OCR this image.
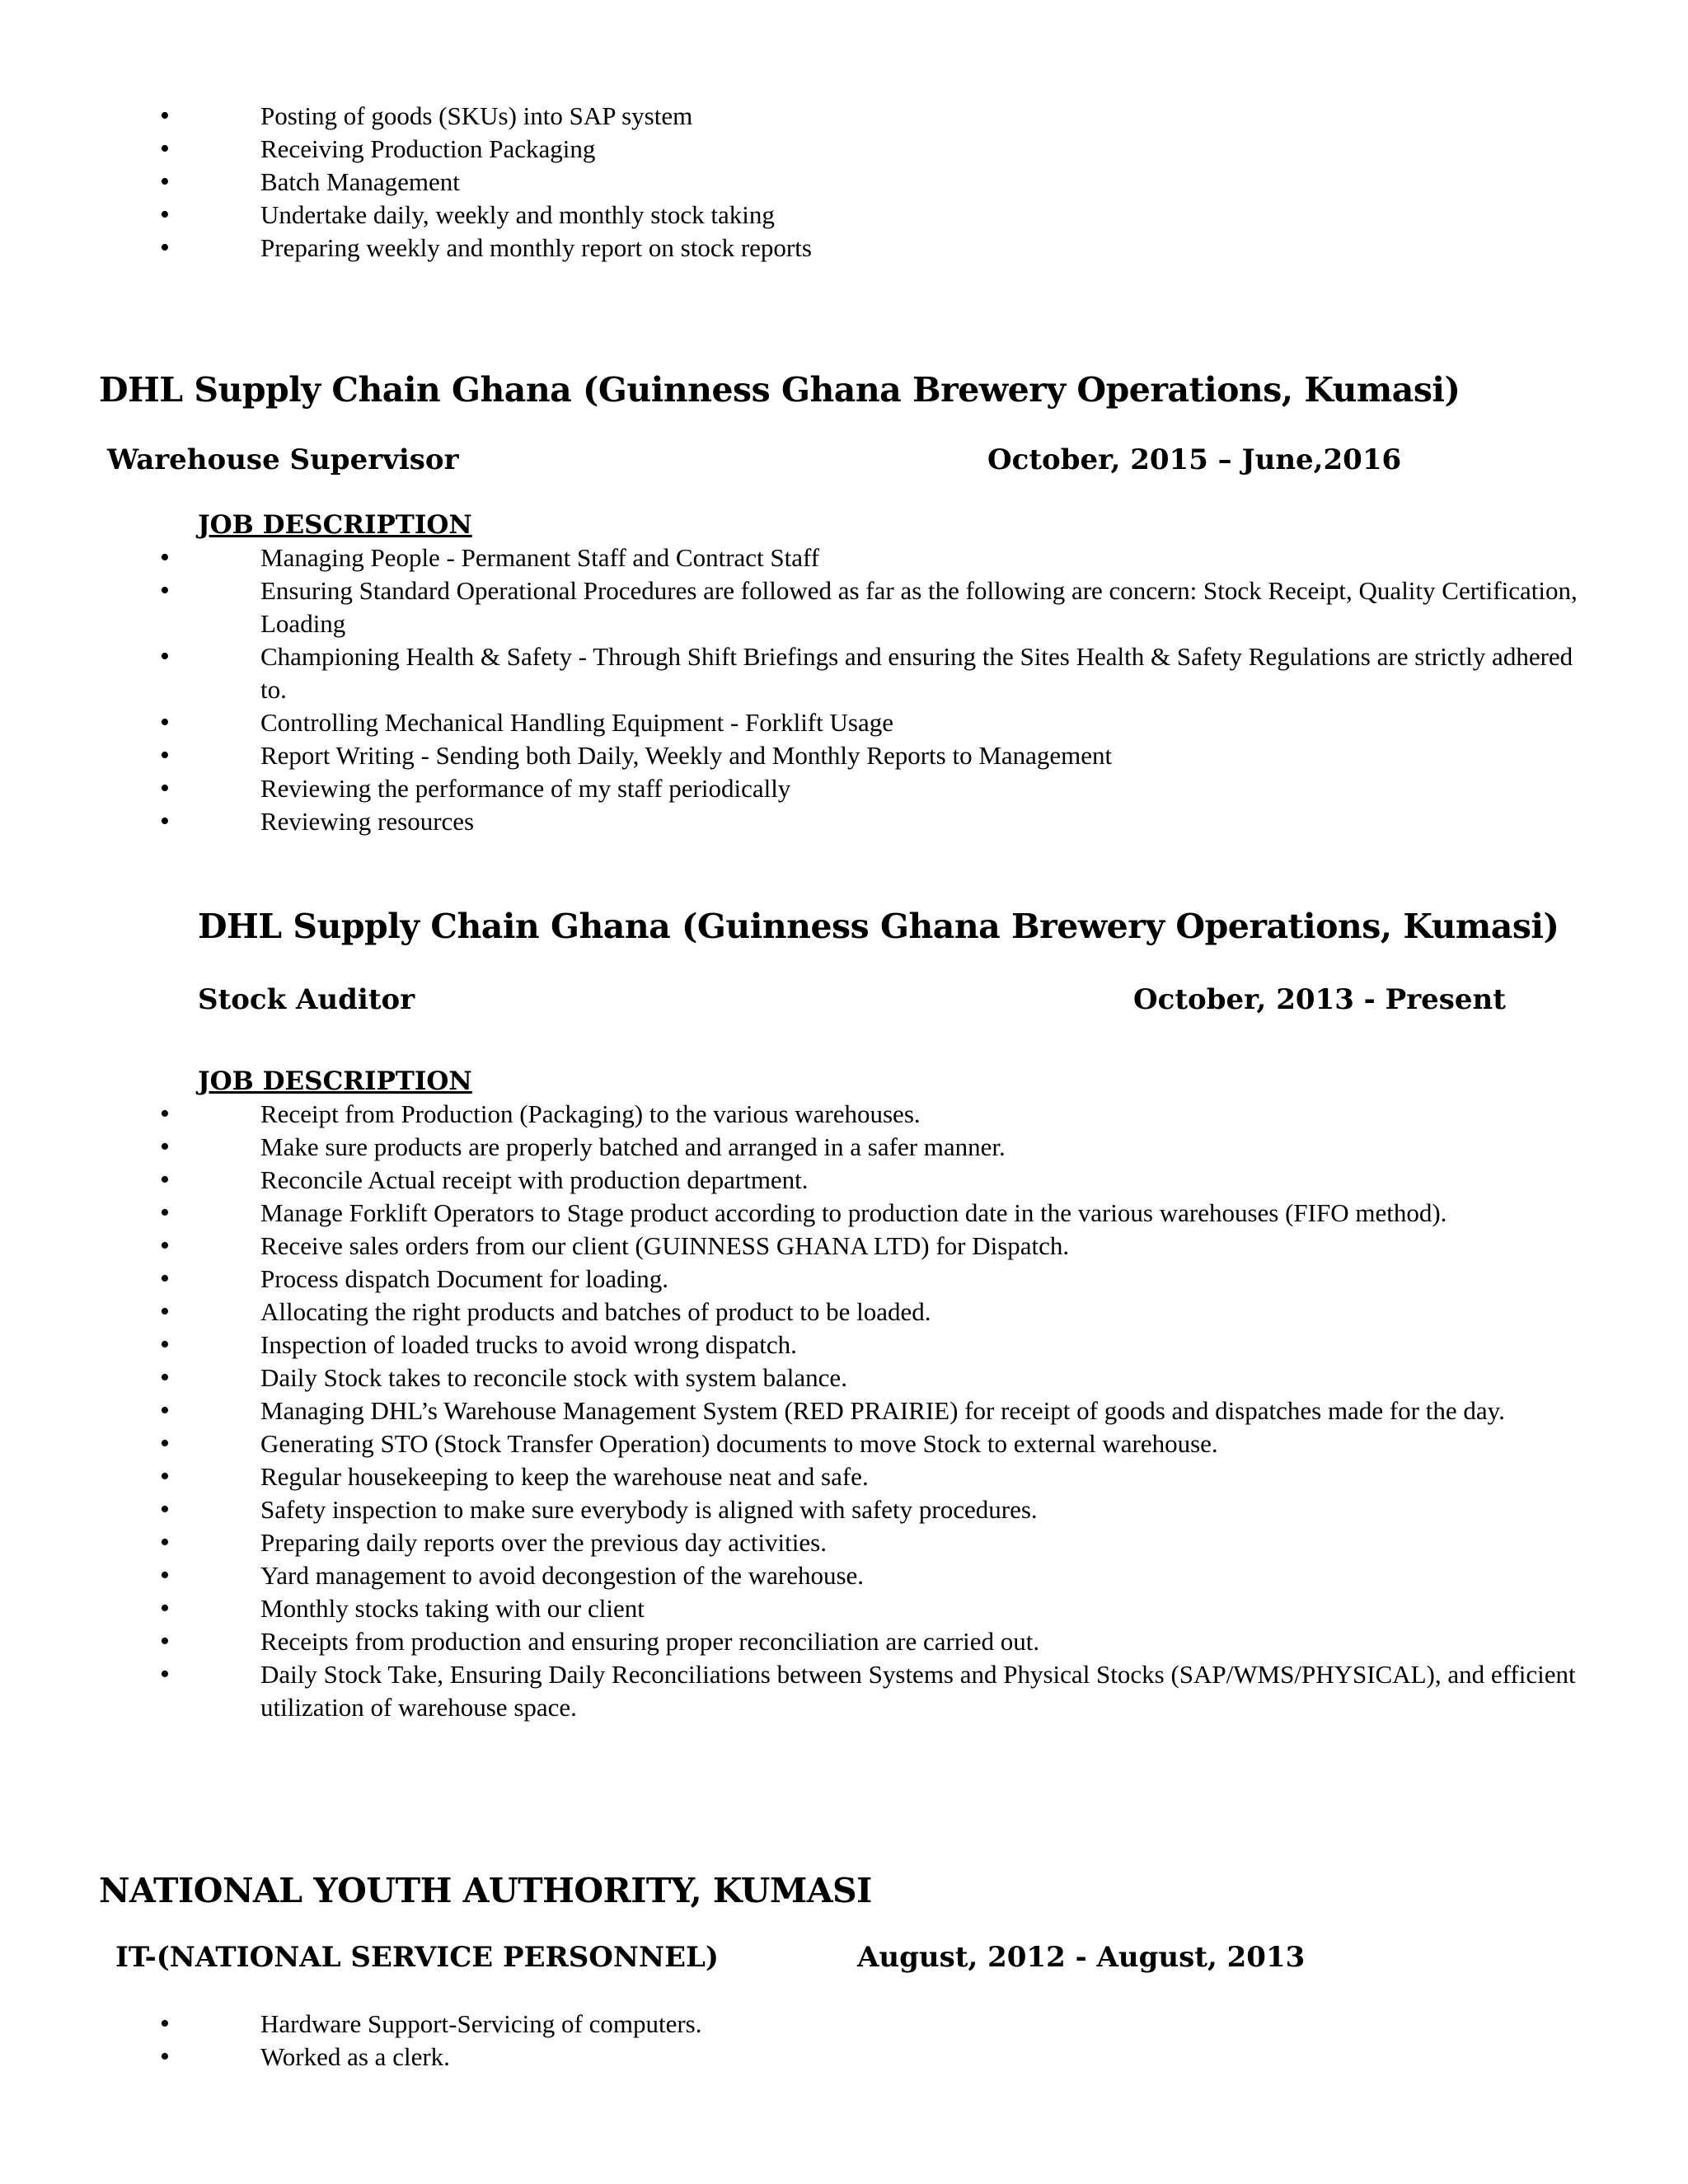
• Posting of goods (SKUs) into SAP system
• Receiving Production Packaging
• Batch Management
• Undertake daily, weekly and monthly stock taking
• Preparing weekly and monthly report on stock reports
DHL Supply Chain Ghana (Guinness Ghana Brewery Operations, Kumasi)
Warehouse Supervisor	October, 2015 – June,2016
JOB DESCRIPTION
• Managing People - Permanent Staff and Contract Staff
• Ensuring Standard Operational Procedures are followed as far as the following are concern: Stock Receipt, Quality Certification, Loading
• Championing Health & Safety - Through Shift Briefings and ensuring the Sites Health & Safety Regulations are strictly adhered to.
• Controlling Mechanical Handling Equipment - Forklift Usage
• Report Writing - Sending both Daily, Weekly and Monthly Reports to Management
• Reviewing the performance of my staff periodically
• Reviewing resources
DHL Supply Chain Ghana (Guinness Ghana Brewery Operations, Kumasi)
Stock Auditor	October, 2013 - Present
JOB DESCRIPTION
• Receipt from Production (Packaging) to the various warehouses.
• Make sure products are properly batched and arranged in a safer manner.
• Reconcile Actual receipt with production department.
• Manage Forklift Operators to Stage product according to production date in the various warehouses (FIFO method).
• Receive sales orders from our client (GUINNESS GHANA LTD) for Dispatch.
• Process dispatch Document for loading.
• Allocating the right products and batches of product to be loaded.
• Inspection of loaded trucks to avoid wrong dispatch.
• Daily Stock takes to reconcile stock with system balance.
• Managing DHL’s Warehouse Management System (RED PRAIRIE) for receipt of goods and dispatches made for the day.
• Generating STO (Stock Transfer Operation) documents to move Stock to external warehouse.
• Regular housekeeping to keep the warehouse neat and safe.
• Safety inspection to make sure everybody is aligned with safety procedures.
• Preparing daily reports over the previous day activities.
• Yard management to avoid decongestion of the warehouse.
• Monthly stocks taking with our client
• Receipts from production and ensuring proper reconciliation are carried out.
• Daily Stock Take, Ensuring Daily Reconciliations between Systems and Physical Stocks (SAP/WMS/PHYSICAL), and efficient utilization of warehouse space.
NATIONAL YOUTH AUTHORITY, KUMASI
IT-(NATIONAL SERVICE PERSONNEL)	August, 2012 - August, 2013
• Hardware Support-Servicing of computers.
• Worked as a clerk.
